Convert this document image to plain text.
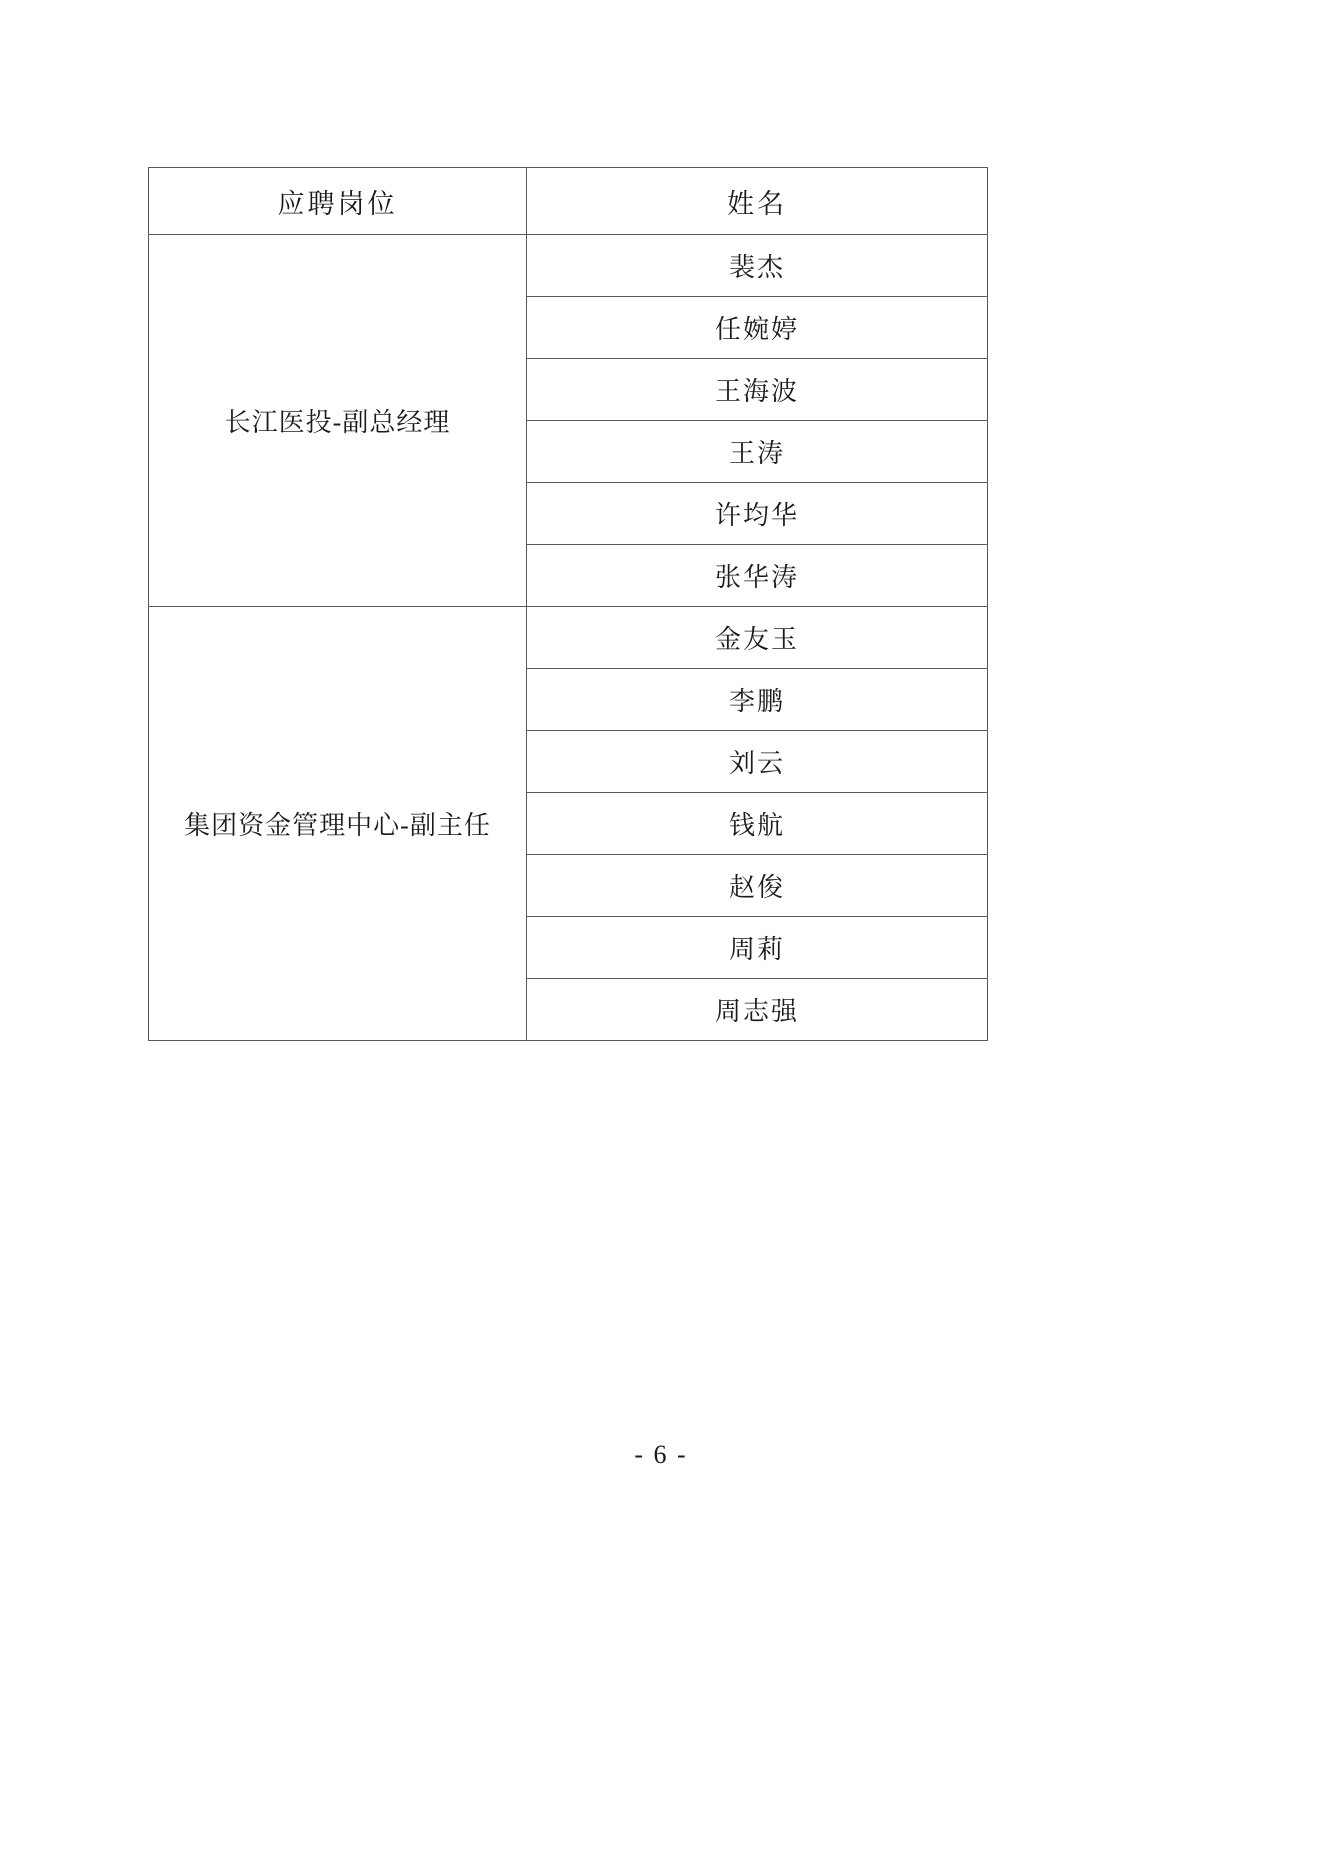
应聘岗位	姓名
长江医投-副总经理	裴杰
	任婉婷
	王海波
	王涛
	许均华
	张华涛
集团资金管理中心-副主任	金友玉
	李鹏
	刘云
	钱航
	赵俊
	周莉
	周志强
- 6 -
